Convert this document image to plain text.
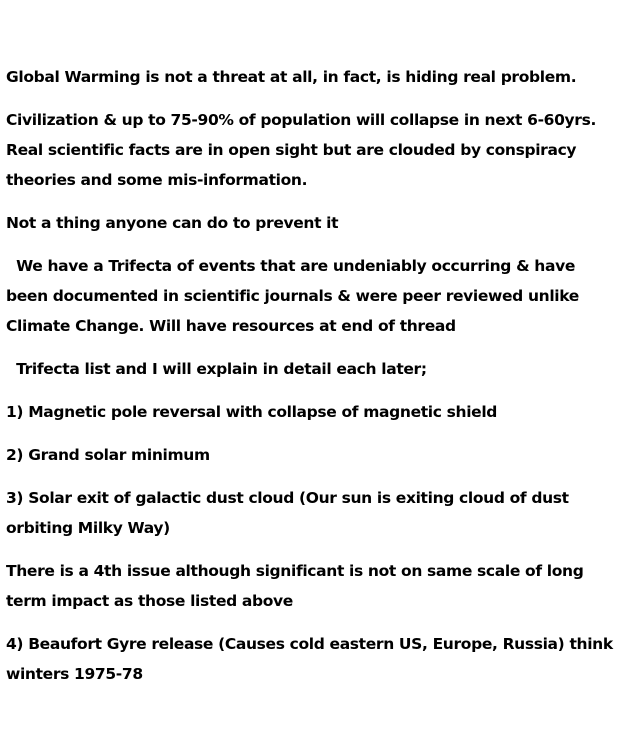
Global Warming is not a threat at all, in fact, is hiding real problem.

Civilization & up to 75-90% of population will collapse in next 6-60yrs. Real scientific facts are in open sight but are clouded by conspiracy theories and some mis-information.

Not a thing anyone can do to prevent it

We have a Trifecta of events that are undeniably occurring & have been documented in scientific journals & were peer reviewed unlike Climate Change. Will have resources at end of thread

Trifecta list and I will explain in detail each later;

1) Magnetic pole reversal with collapse of magnetic shield

2) Grand solar minimum

3) Solar exit of galactic dust cloud (Our sun is exiting cloud of dust orbiting Milky Way)

There is a 4th issue although significant is not on same scale of long term impact as those listed above

4) Beaufort Gyre release (Causes cold eastern US, Europe, Russia) think winters 1975-78
